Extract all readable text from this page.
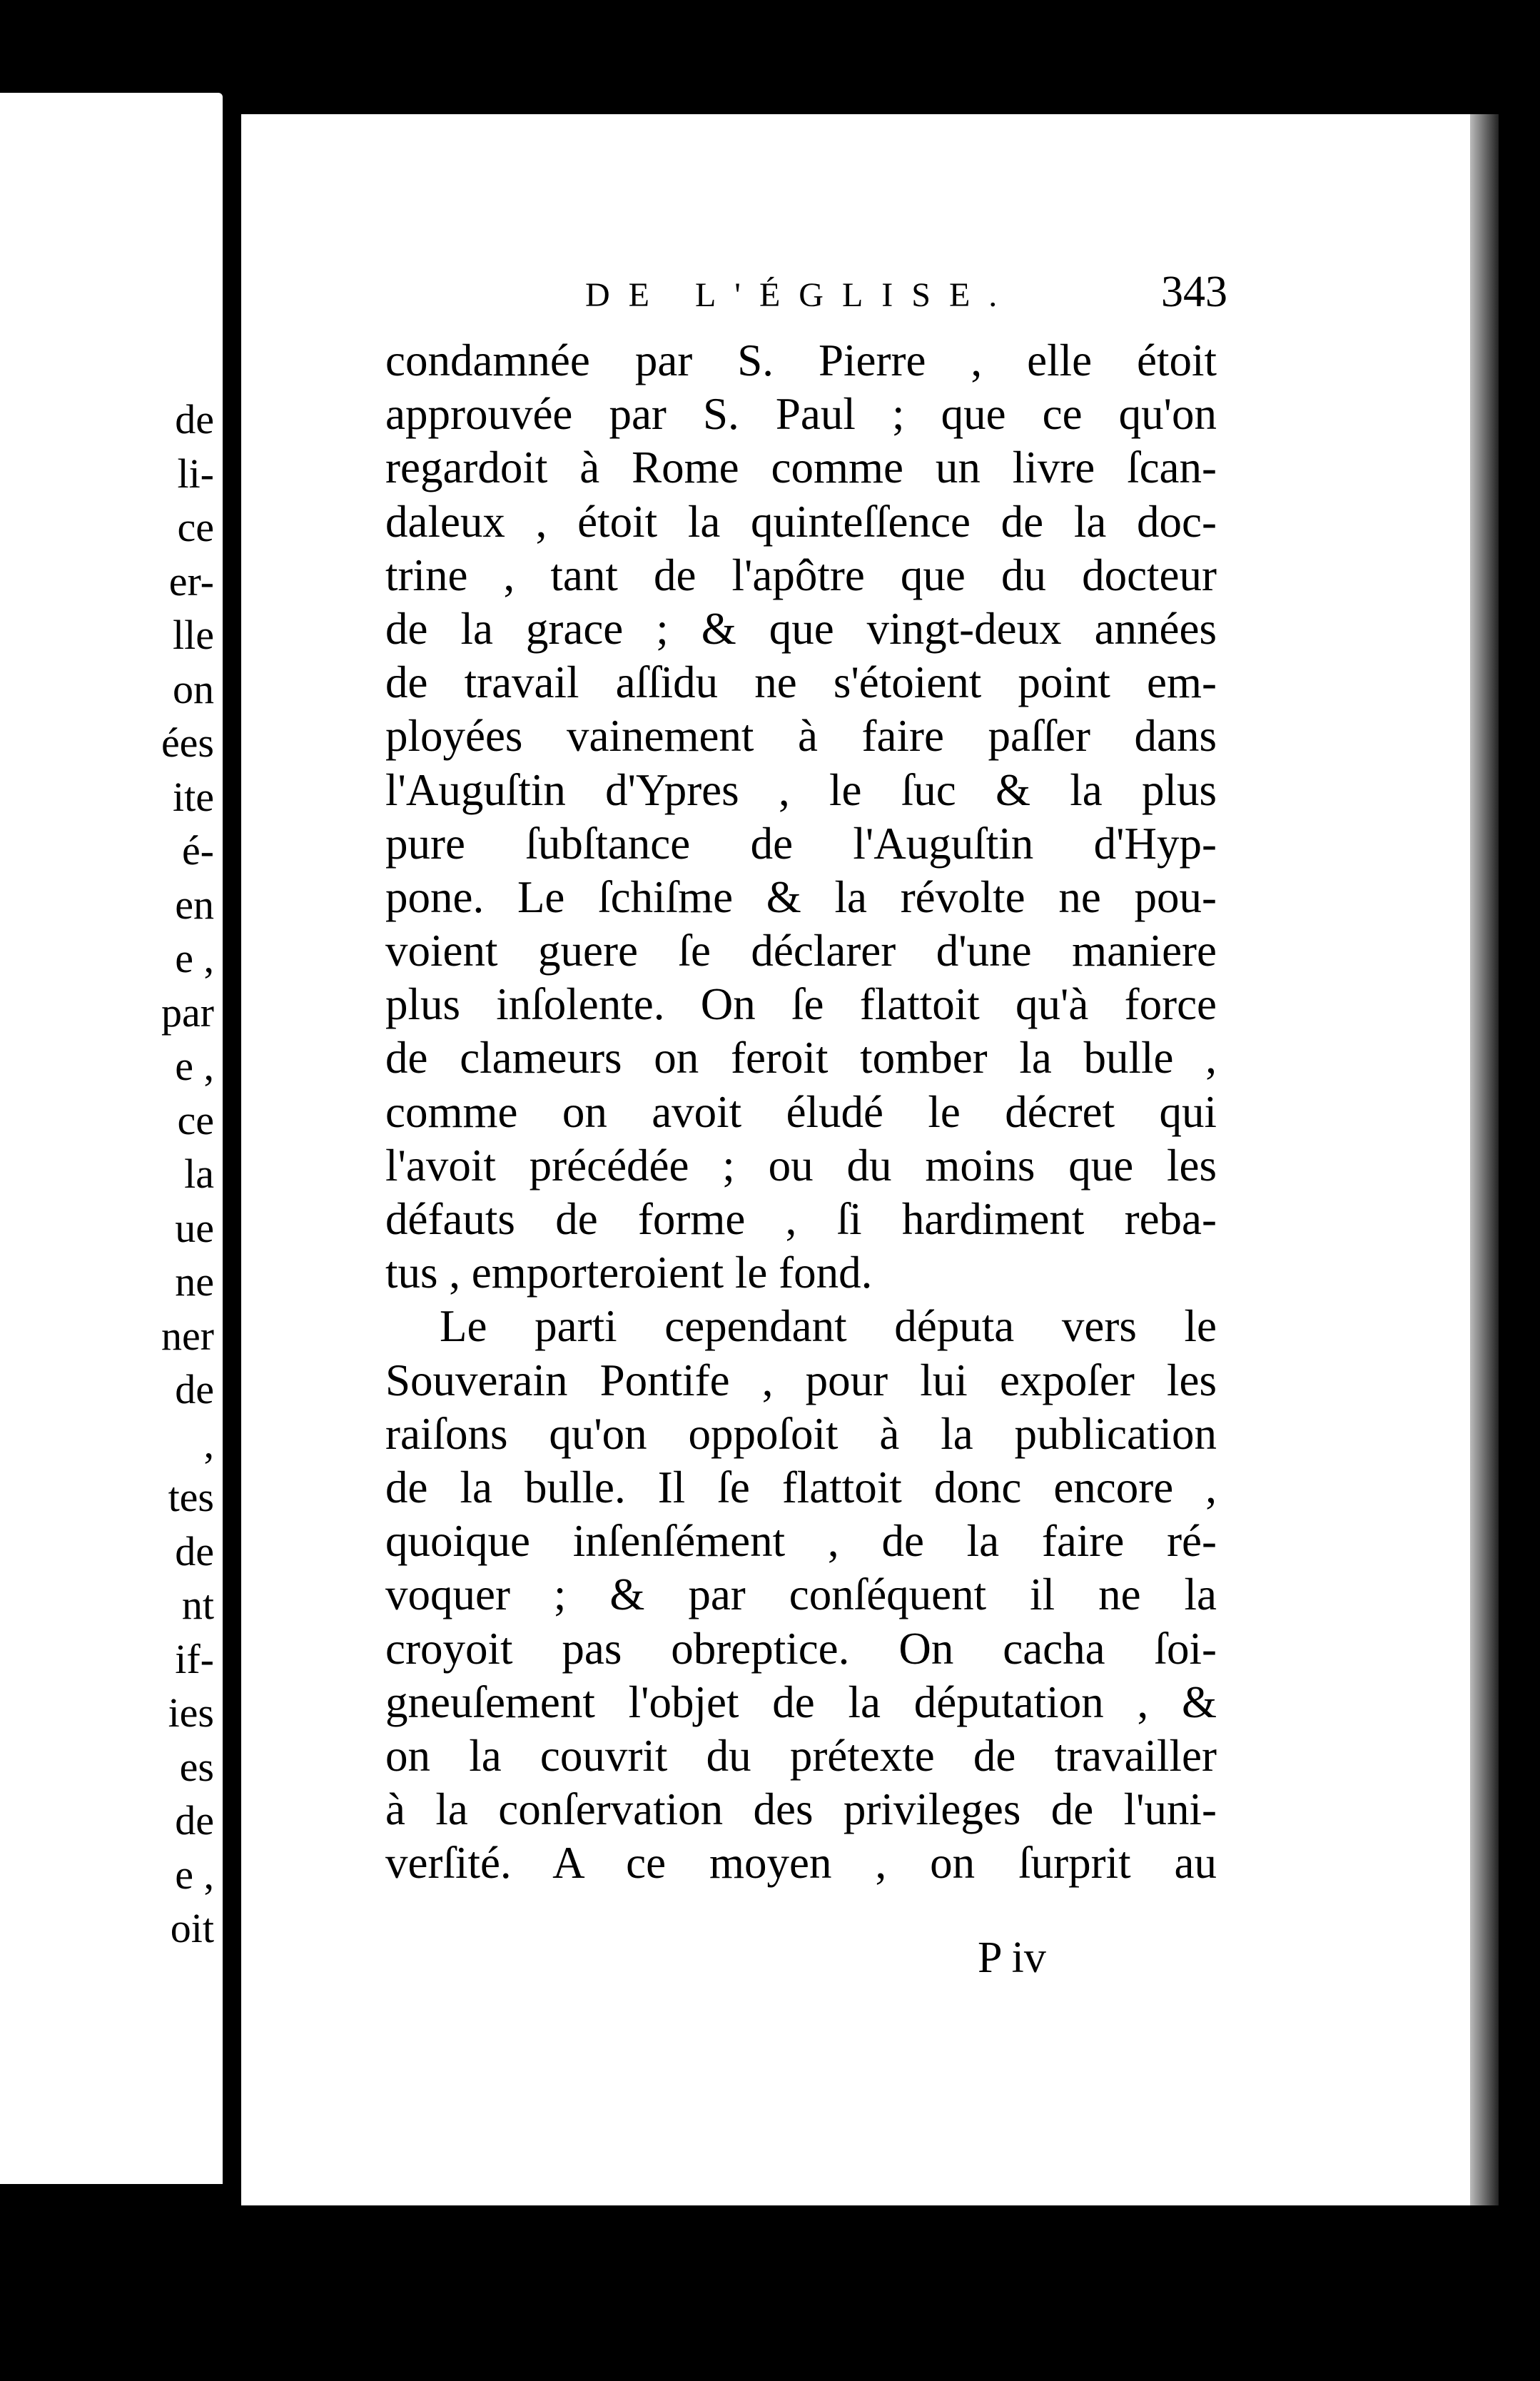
de
li-
ce
er-
lle
on
ées
ite
é-
en
e ,
par
e ,
ce
la
ue
ne
ner
de
,
tes
de
nt
if-
ies
es
de
e ,
oit
DE L'ÉGLISE.	343
condamnée par S. Pierre , elle étoit
approuvée par S. Paul ; que ce qu'on
regardoit à Rome comme un livre ſcan-
daleux , étoit la quinteſſence de la doc-
trine , tant de l'apôtre que du docteur
de la grace ; & que vingt-deux années
de travail aſſidu ne s'étoient point em-
ployées vainement à faire paſſer dans
l'Auguſtin d'Ypres , le ſuc & la plus
pure ſubſtance de l'Auguſtin d'Hyp-
pone. Le ſchiſme & la révolte ne pou-
voient guere ſe déclarer d'une maniere
plus inſolente. On ſe flattoit qu'à force
de clameurs on feroit tomber la bulle ,
comme on avoit éludé le décret qui
l'avoit précédée ; ou du moins que les
défauts de forme , ſi hardiment reba-
tus , emporteroient le fond.
Le parti cependant députa vers le
Souverain Pontife , pour lui expoſer les
raiſons qu'on oppoſoit à la publication
de la bulle. Il ſe flattoit donc encore ,
quoique inſenſément , de la faire ré-
voquer ; & par conſéquent il ne la
croyoit pas obreptice. On cacha ſoi-
gneuſement l'objet de la députation , &
on la couvrit du prétexte de travailler
à la conſervation des privileges de l'uni-
verſité. A ce moyen , on ſurprit au
P iv
